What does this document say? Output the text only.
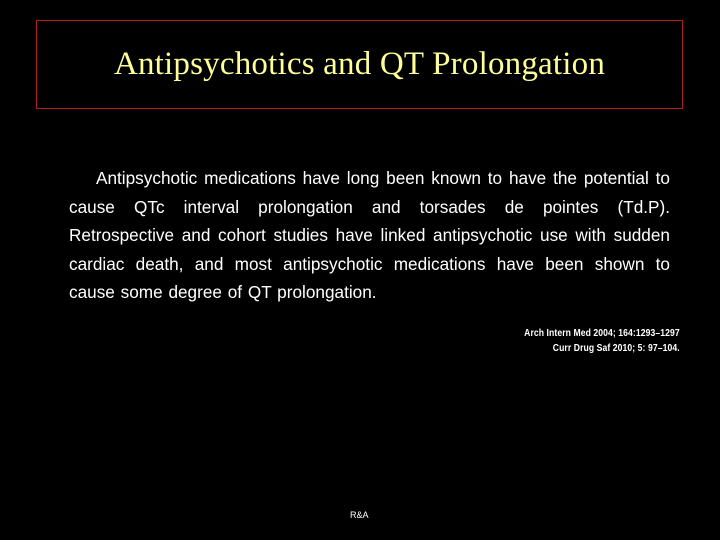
Antipsychotics and QT Prolongation

Antipsychotic medications have long been known to have the potential to cause QTc interval prolongation and torsades de pointes (Td.P). Retrospective and cohort studies have linked antipsychotic use with sudden cardiac death, and most antipsychotic medications have been shown to cause some degree of QT prolongation.

Arch Intern Med 2004; 164:1293–1297
Curr Drug Saf 2010; 5: 97–104.
R&A
